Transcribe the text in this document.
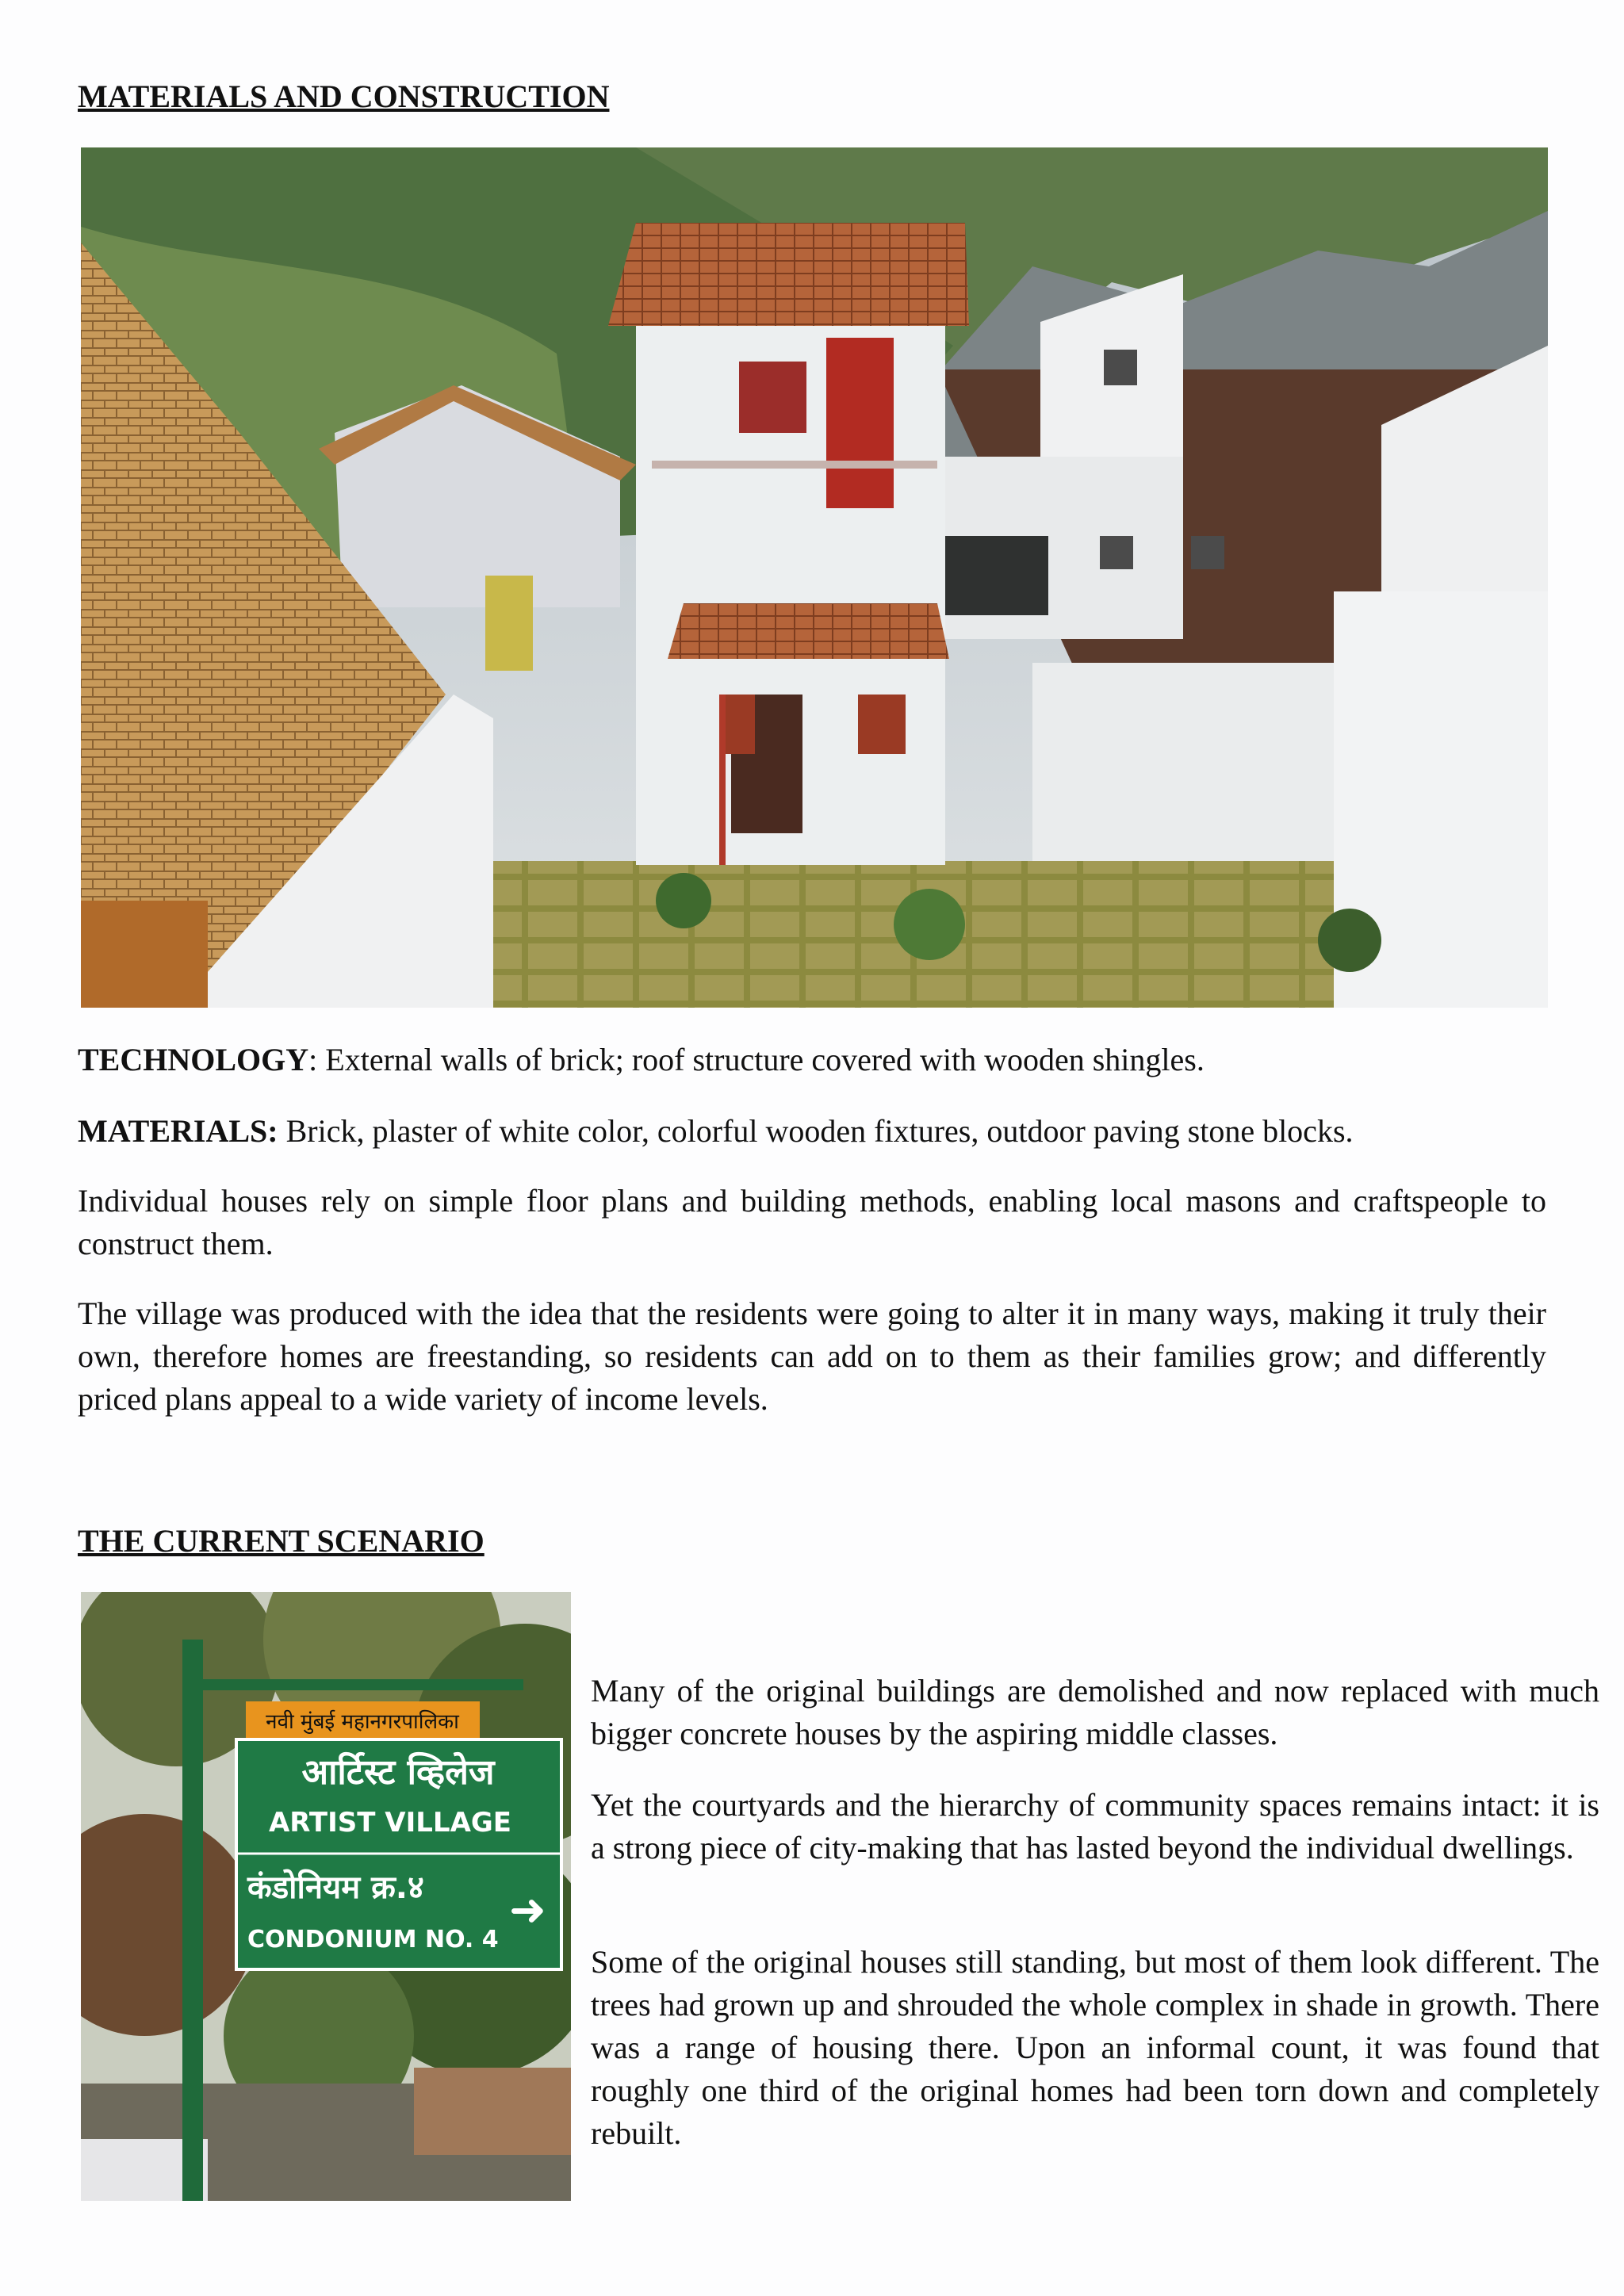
MATERIALS AND CONSTRUCTION

TECHNOLOGY: External walls of brick; roof structure covered with wooden shingles.

MATERIALS: Brick, plaster of white color, colorful wooden fixtures, outdoor paving stone blocks.

Individual houses rely on simple floor plans and building methods, enabling local masons and craftspeople to construct them.

The village was produced with the idea that the residents were going to alter it in many ways, making it truly their own, therefore homes are freestanding, so residents can add on to them as their families grow; and differently priced plans appeal to a wide variety of income levels.

THE CURRENT SCENARIO
नवी मुंबई महानगरपालिका
आर्टिस्ट व्हिलेज
ARTIST VILLAGE
कंडोनियम क्र.४
CONDONIUM NO. 4
➜

Many of the original buildings are demolished and now replaced with much bigger concrete houses by the aspiring middle classes.

Yet the courtyards and the hierarchy of community spaces remains intact: it is a strong piece of city-making that has lasted beyond the individual dwellings.

Some of the original houses still standing, but most of them look different. The trees had grown up and shrouded the whole complex in shade in growth. There was a range of housing there. Upon an informal count, it was found that roughly one third of the original homes had been torn down and completely rebuilt.
